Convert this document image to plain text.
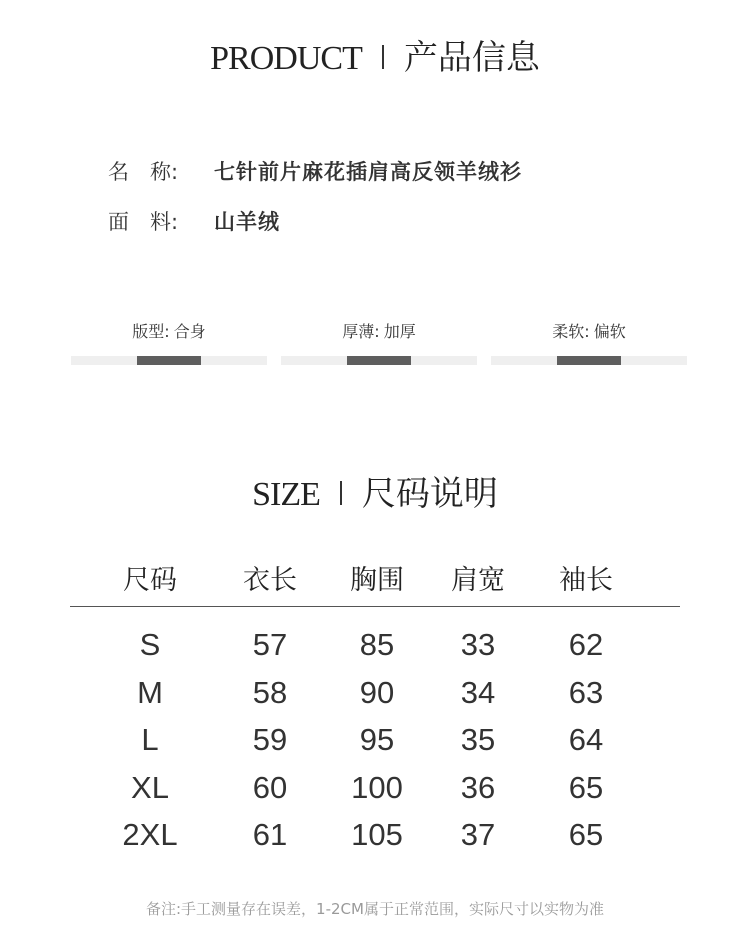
PRODUCT 产品信息
名　称: 七针前片麻花插肩高反领羊绒衫
面　料: 山羊绒
版型: 合身	厚薄: 加厚	柔软: 偏软
SIZE 尺码说明
尺码	衣长	胸围	肩宽	袖长
S	57	85	33	62
M	58	90	34	63
L	59	95	35	64
XL	60	100	36	65
2XL	61	105	37	65
备注:手工测量存在误差，1-2CM属于正常范围，实际尺寸以实物为准
